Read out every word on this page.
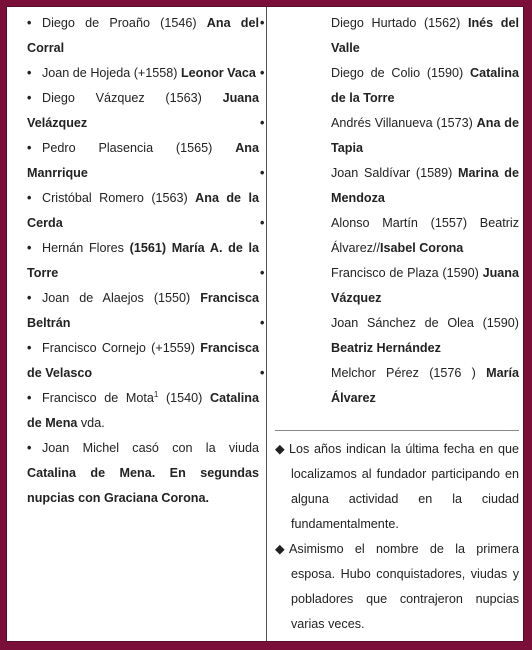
• Diego de Proaño (1546) Ana del Corral

• Joan de Hojeda (+1558) Leonor Vaca

• Diego Vázquez (1563) Juana Velázquez

• Pedro Plasencia (1565) Ana Manrrique

• Cristóbal Romero (1563) Ana de la Cerda

• Hernán Flores (1561) María A. de la Torre

• Joan de Alaejos (1550) Francisca Beltrán

• Francisco Cornejo (+1559) Francisca de Velasco

• Francisco de Mota$^1$ (1540) Catalina de Mena vda.

• Joan Michel casó con la viuda Catalina de Mena. En segundas nupcias con Graciana Corona.

•	Diego Hurtado (1562) Inés del Valle

•	Diego de Colio (1590) Catalina de la Torre

•	Andrés Villanueva (1573) Ana de Tapia

•	Joan Saldívar (1589) Marina de Mendoza

•	Alonso Martín (1557) Beatriz Álvarez//Isabel Corona

•	Francisco de Plaza (1590) Juana Vázquez

•	Joan Sánchez de Olea (1590) Beatriz Hernández

•	Melchor Pérez (1576 ) María Álvarez

◆ Los años indican la última fecha en que localizamos al fundador participando en alguna actividad en la ciudad fundamentalmente.

◆ Asimismo el nombre de la primera esposa. Hubo conquistadores, viudas y pobladores que contrajeron nupcias varias veces.
